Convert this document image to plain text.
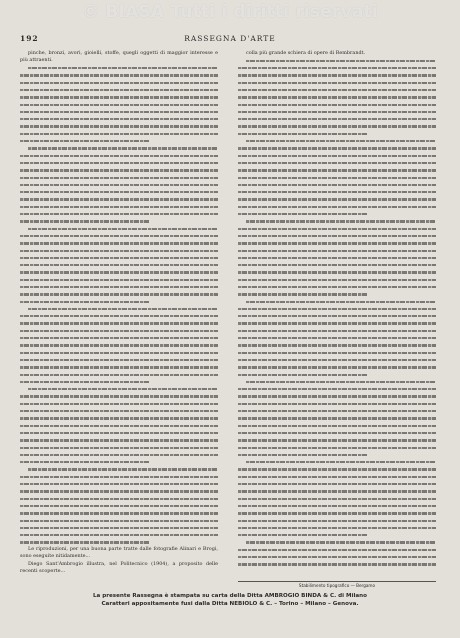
© BIASA Tutti i diritti riservati
192	RASSEGNA D'ARTE

pinche, bronzi, avori, gioielli, stoffe, quegli oggetti di maggior interesse e più attraenti.

Le riproduzioni, per una buona parte tratte dalle fotografie Alinari e Brogi, sono eseguite nitidamente...

Diego Sant'Ambrogio illustra, nel Politecnico (1904), a proposito delle recenti scoperte...

colla più grande schiera di opere di Rembrandt.

Stabilimento tipografico — Bergamo
La presente Rassegna è stampata su carta della Ditta AMBROGIO BINDA & C. di Milano
Caratteri appositamente fusi dalla Ditta NEBIOLO & C. – Torino – Milano – Genova.
